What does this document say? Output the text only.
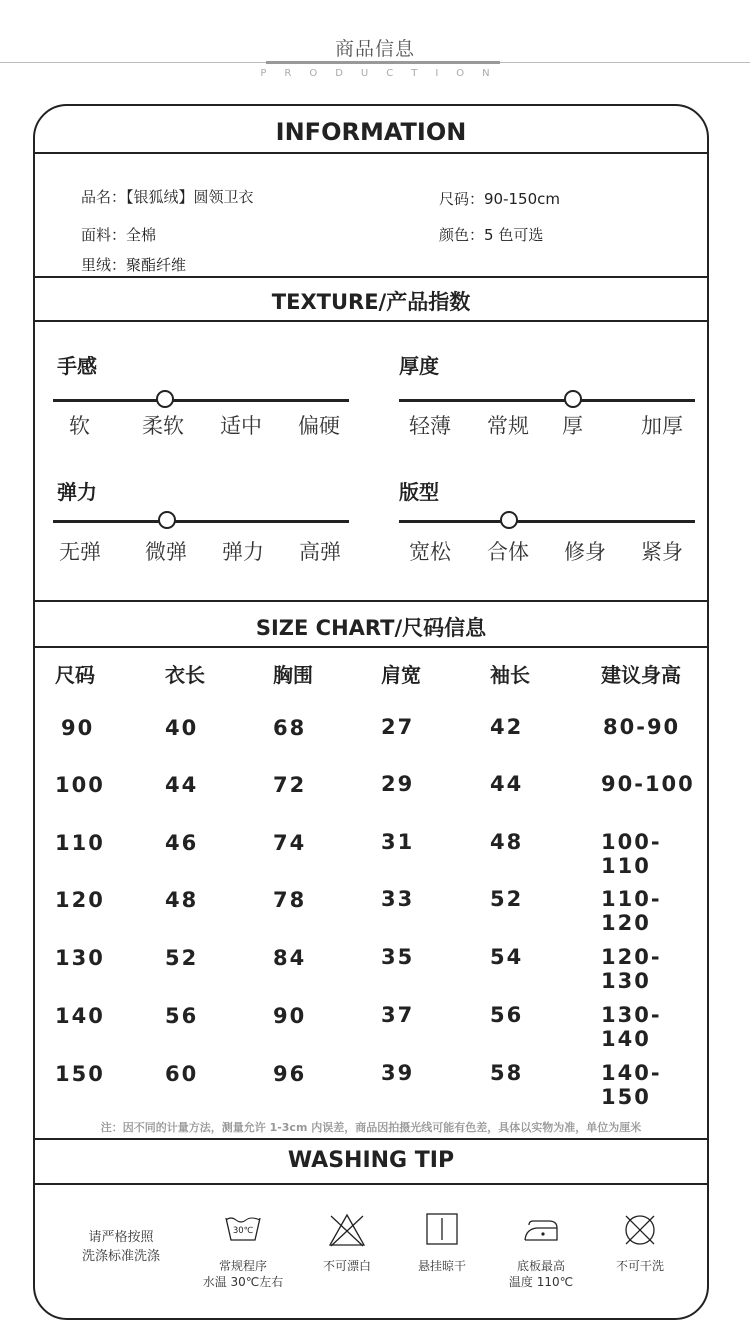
商品信息
PRODUCTION
INFORMATION
品名：【银狐绒】圆领卫衣	尺码：90-150cm
面料：全棉	颜色：5 色可选
里绒：聚酯纤维
TEXTURE/产品指数
手感
软 柔软 适中 偏硬
厚度
轻薄 常规 厚	加厚
弹力
无弹 微弹 弹力 高弹
版型
宽松 合体 修身 紧身
SIZE CHART/尺码信息
尺码	衣长	胸围	肩宽	袖长	建议身高
90	40	68	27	42	80-90
100	44	72	29	44	90-100
110	46	74	31	48	100-110
120	48	78	33	52	110-120
130	52	84	35	54	120-130
140	56	90	37	56	130-140
150	60	96	39	58	140-150
注：因不同的计量方法，测量允许 1-3cm 内误差，商品因拍摄光线可能有色差，具体以实物为准，单位为厘米
WASHING TIP
请严格按照
洗涤标准洗涤
30℃
常规程序
水温 30℃左右
不可漂白	悬挂晾干	底板最高
温度 110℃
不可干洗
